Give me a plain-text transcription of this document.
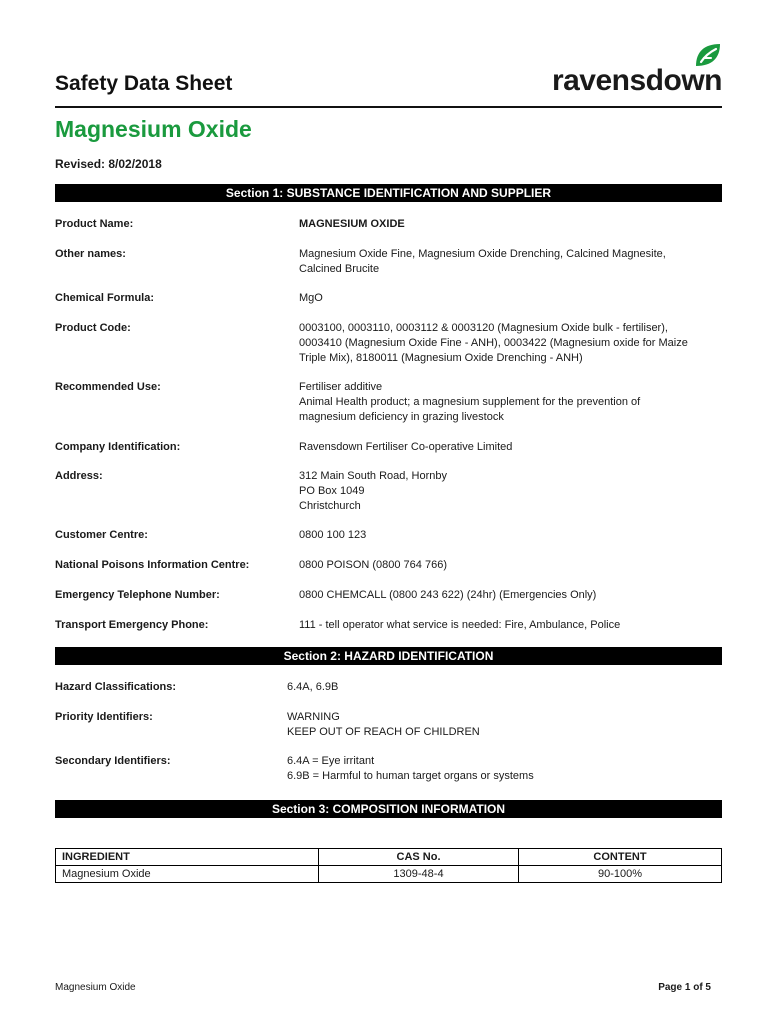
Safety Data Sheet	ravensdown
Magnesium Oxide
Revised: 8/02/2018
Section 1: SUBSTANCE IDENTIFICATION AND SUPPLIER
Product Name:	MAGNESIUM OXIDE
Other names:	Magnesium Oxide Fine, Magnesium Oxide Drenching, Calcined Magnesite,
Calcined Brucite
Chemical Formula:	MgO
Product Code:	0003100, 0003110, 0003112 & 0003120 (Magnesium Oxide bulk - fertiliser),
0003410 (Magnesium Oxide Fine - ANH), 0003422 (Magnesium oxide for Maize
Triple Mix), 8180011 (Magnesium Oxide Drenching - ANH)
Recommended Use:	Fertiliser additive
Animal Health product; a magnesium supplement for the prevention of
magnesium deficiency in grazing livestock
Company Identification:	Ravensdown Fertiliser Co-operative Limited
Address:	312 Main South Road, Hornby
PO Box 1049
Christchurch
Customer Centre:	0800 100 123
National Poisons Information Centre:	0800 POISON (0800 764 766)
Emergency Telephone Number:	0800 CHEMCALL (0800 243 622) (24hr) (Emergencies Only)
Transport Emergency Phone:	111 - tell operator what service is needed: Fire, Ambulance, Police
Section 2: HAZARD IDENTIFICATION
Hazard Classifications:	6.4A, 6.9B
Priority Identifiers:	WARNING
KEEP OUT OF REACH OF CHILDREN
Secondary Identifiers:	6.4A = Eye irritant
6.9B = Harmful to human target organs or systems
Section 3: COMPOSITION INFORMATION
INGREDIENT	CAS No.	CONTENT
Magnesium Oxide	1309-48-4	90-100%
Magnesium Oxide	Page 1 of 5
